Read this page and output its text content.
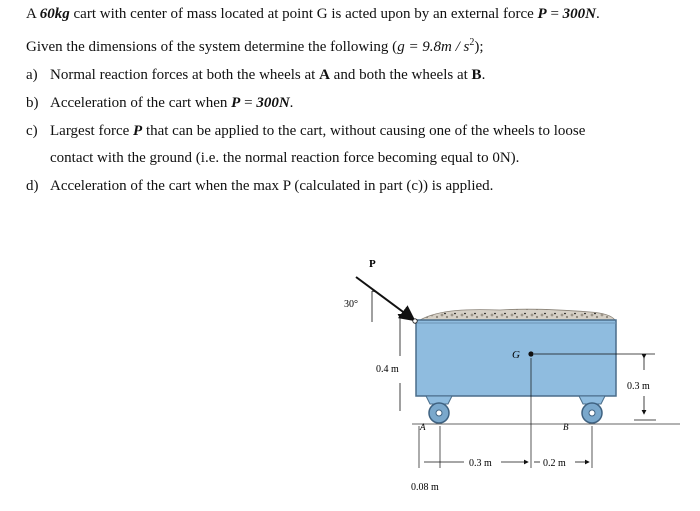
A 60kg cart with center of mass located at point G is acted upon by an external force P = 300N.
Given the dimensions of the system determine the following $(g = 9.8m / s^2)$;
a) Normal reaction forces at both the wheels at A and both the wheels at B.
b) Acceleration of the cart when P = 300N.
c) Largest force P that can be applied to the cart, without causing one of the wheels to loose
contact with the ground (i.e. the normal reaction force becoming equal to 0N).
d) Acceleration of the cart when the max P (calculated in part (c)) is applied.
P
30°
G
0.4 m
0.3 m
A	B
0.3 m	0.2 m
0.08 m
